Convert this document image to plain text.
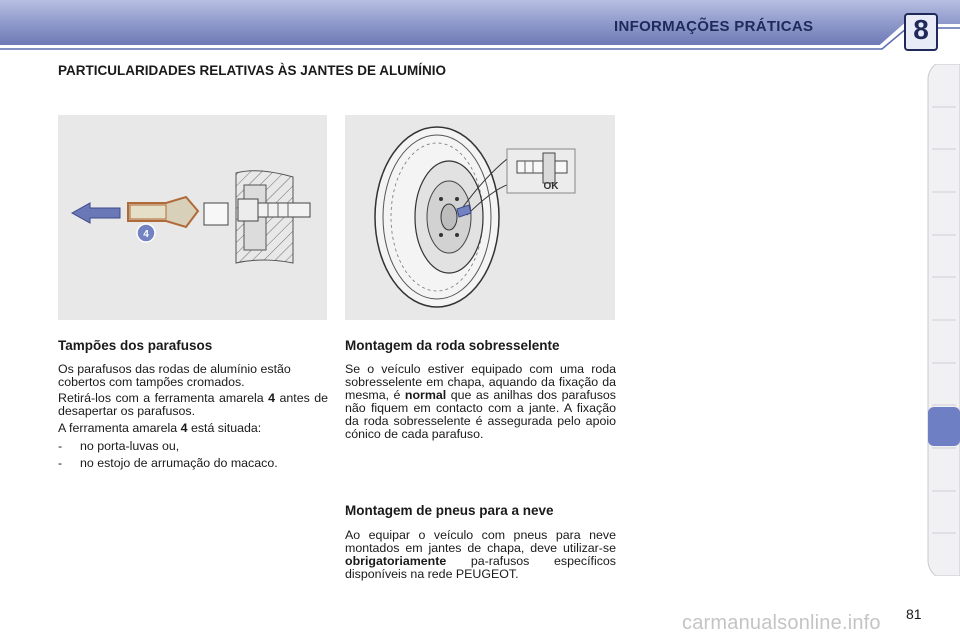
INFORMAÇÕES PRÁTICAS	8
PARTICULARIDADES RELATIVAS ÀS JANTES DE ALUMÍNIO
4
OK
Tampões dos parafusos
Os parafusos das rodas de alumínio estão cobertos com tampões cromados.
Retirá-los com a ferramenta amarela 4 antes de desapertar os parafusos.
A ferramenta amarela 4 está situada:
- no porta-luvas ou,
- no estojo de arrumação do macaco.
Montagem da roda sobresselente
Se o veículo estiver equipado com uma roda sobresselente em chapa, aquando da fixação da mesma, é normal que as anilhas dos parafusos não fiquem em contacto com a jante. A fixação da roda sobresselente é assegurada pelo apoio cónico de cada parafuso.
Montagem de pneus para a neve
Ao equipar o veículo com pneus para neve montados em jantes de chapa, deve utilizar-se obrigatoriamente pa-rafusos específicos disponíveis na rede PEUGEOT.
81
carmanualsonline.info
